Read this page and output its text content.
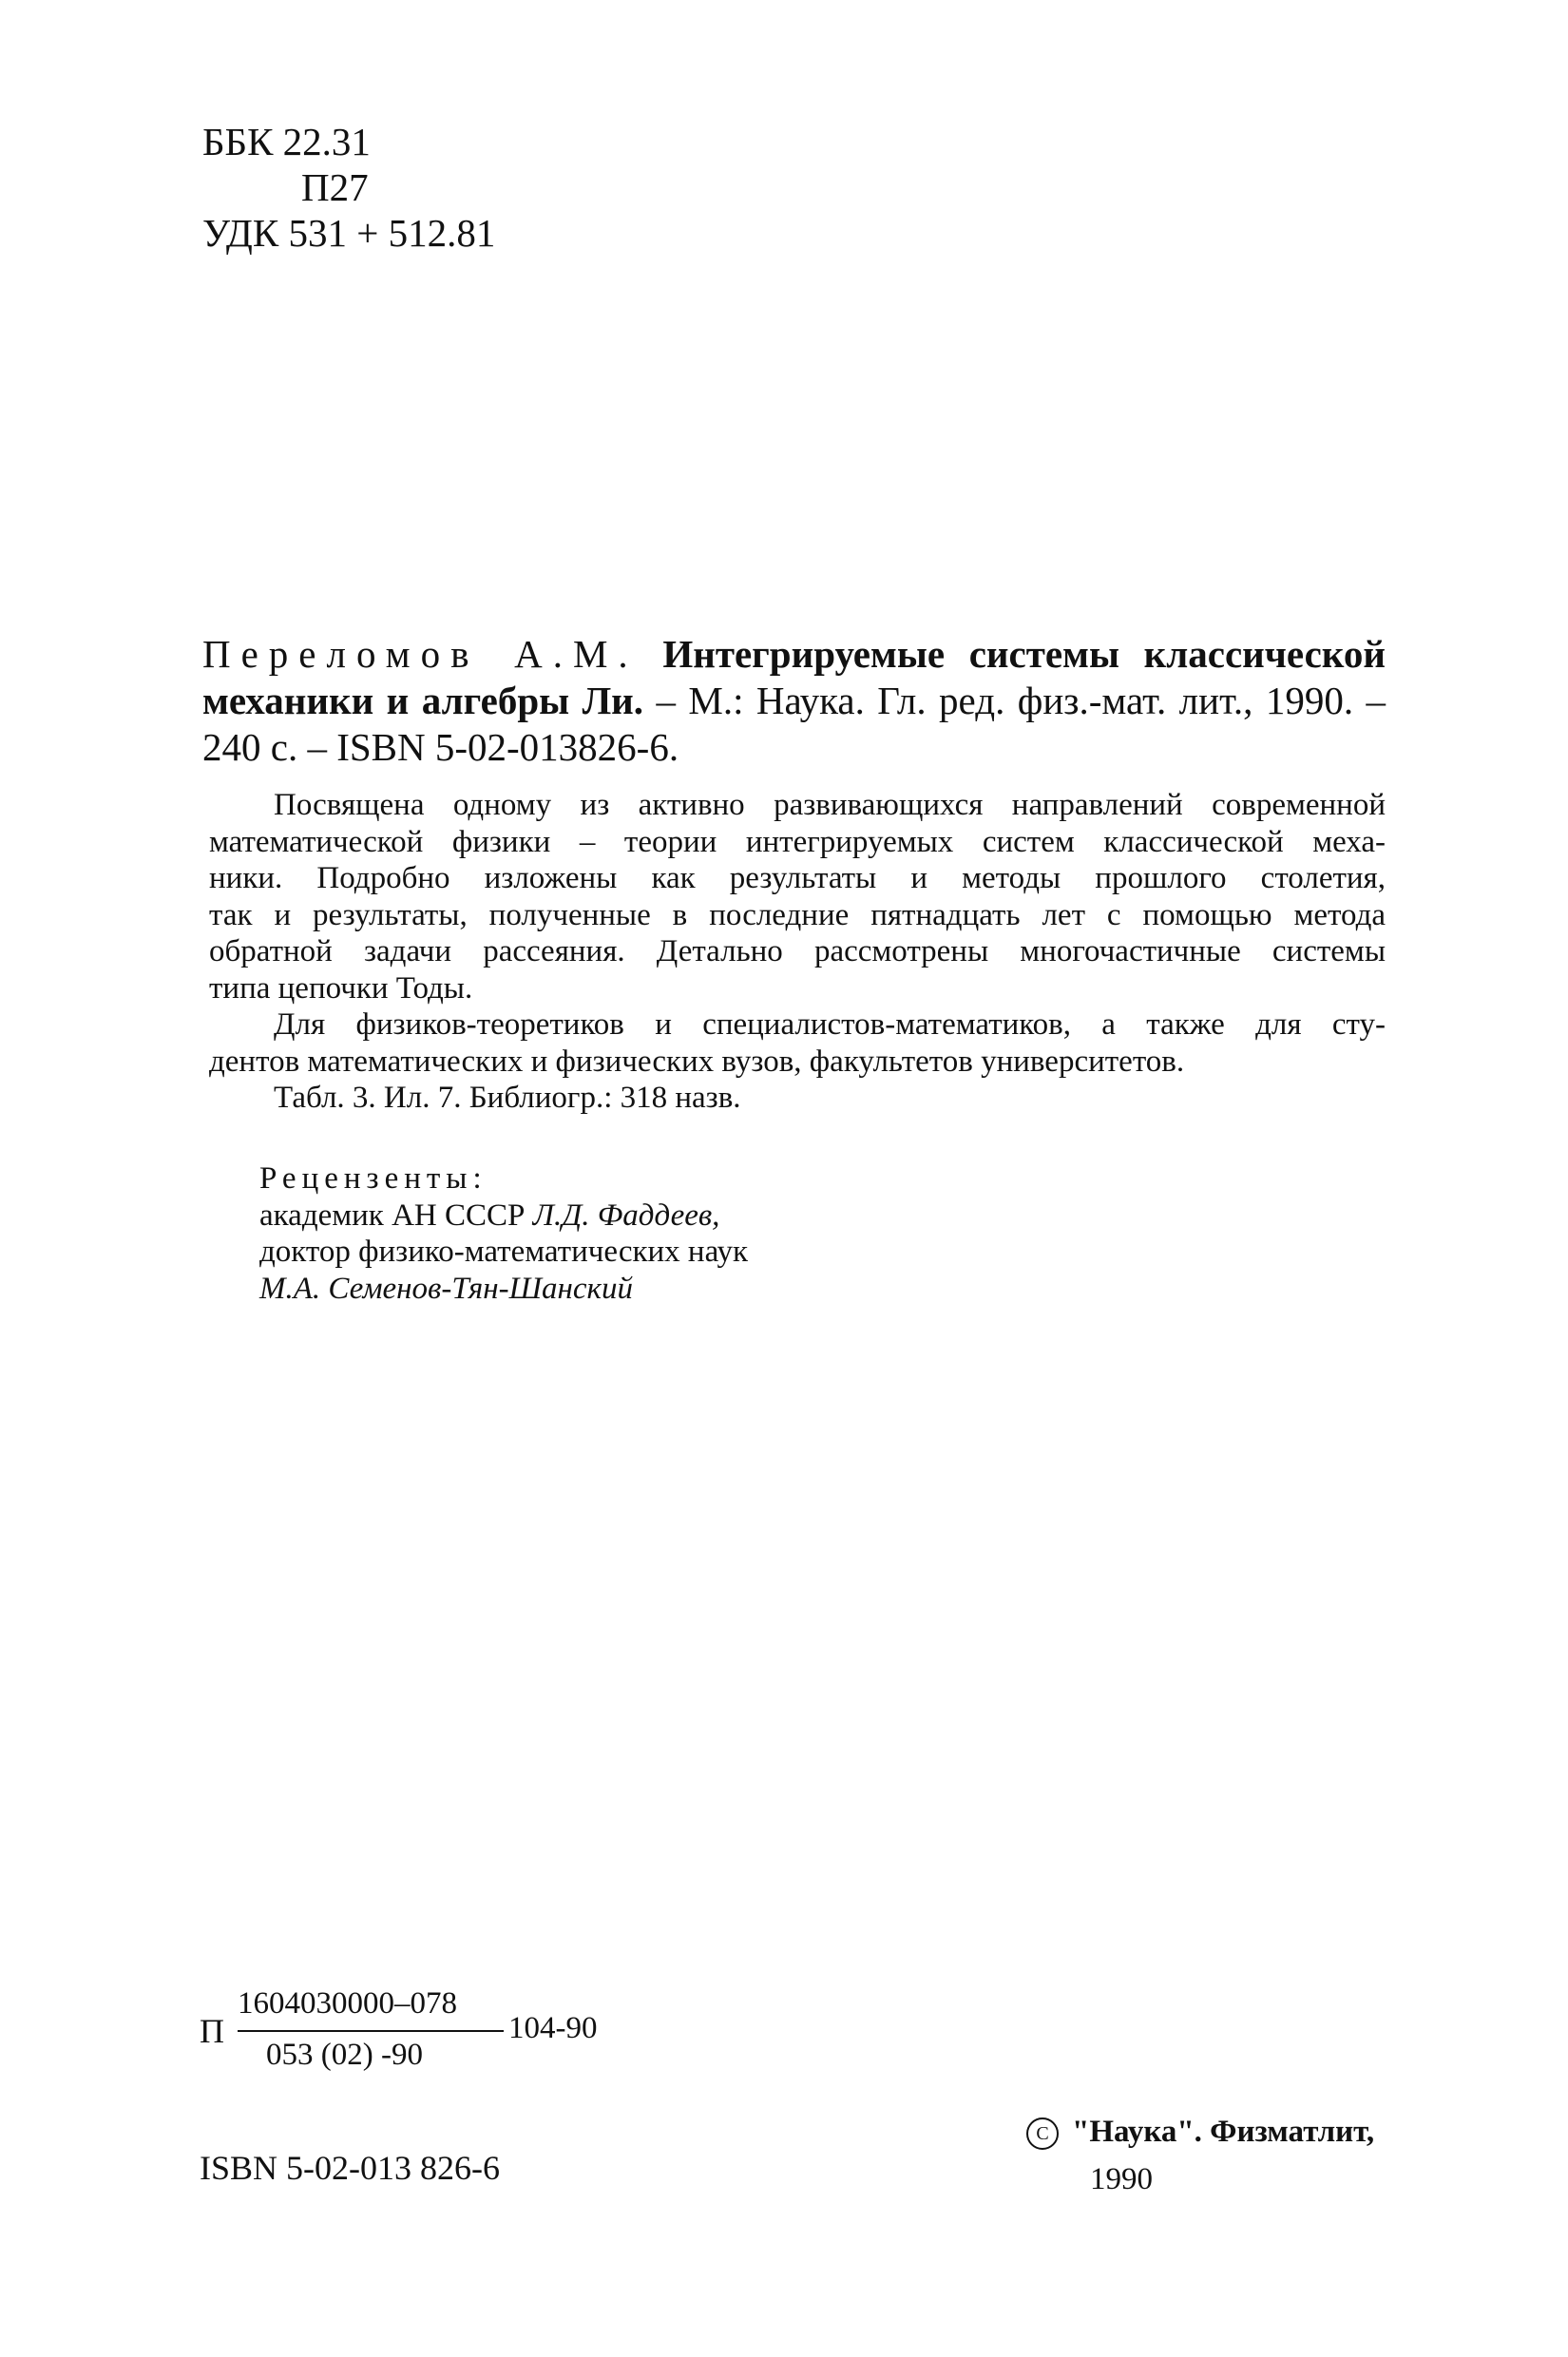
ББК 22.31
П27
УДК 531 + 512.81
Переломов А.М. Интегрируемые системы классической
механики и алгебры Ли. – М.: Наука. Гл. ред. физ.-мат. лит., 1990. –
240 с. – ISBN 5-02-013826-6.
Посвящена одному из активно развивающихся направлений современной
математической физики – теории интегрируемых систем классической меха-
ники. Подробно изложены как результаты и методы прошлого столетия,
так и результаты, полученные в последние пятнадцать лет с помощью метода
обратной задачи рассеяния. Детально рассмотрены многочастичные системы
типа цепочки Тоды.
Для физиков-теоретиков и специалистов-математиков, а также для сту-
дентов математических и физических вузов, факультетов университетов.
Табл. 3. Ил. 7. Библиогр.: 318 назв.
Рецензенты:
академик АН СССР Л.Д. Фаддеев,
доктор физико-математических наук
М.А. Семенов-Тян-Шанский
П
1604030000–078
053 (02) -90
104-90
ISBN 5-02-013 826-6
C "Наука". Физматлит,
1990
